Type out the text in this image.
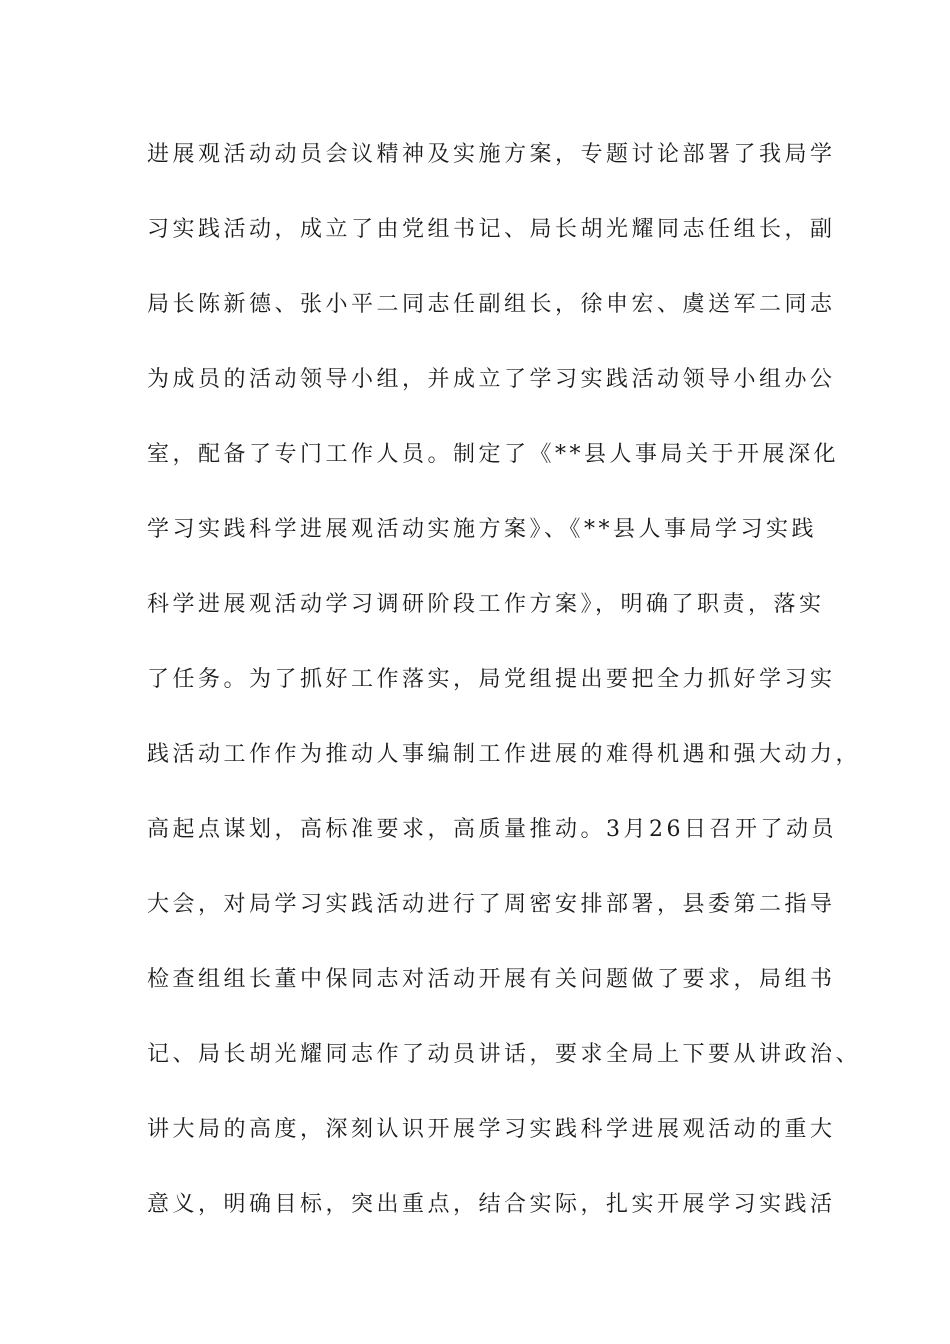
进展观活动动员会议精神及实施方案，专题讨论部署了我局学
习实践活动，成立了由党组书记、局长胡光耀同志任组长，副
局长陈新德、张小平二同志任副组长，徐申宏、虞送军二同志
为成员的活动领导小组，并成立了学习实践活动领导小组办公
室，配备了专门工作人员。制定了《**县人事局关于开展深化
学习实践科学进展观活动实施方案》、《**县人事局学习实践
科学进展观活动学习调研阶段工作方案》，明确了职责，落实
了任务。为了抓好工作落实，局党组提出要把全力抓好学习实
践活动工作作为推动人事编制工作进展的难得机遇和强大动力，
高起点谋划，高标准要求，高质量推动。3月26日召开了动员
大会，对局学习实践活动进行了周密安排部署，县委第二指导
检查组组长董中保同志对活动开展有关问题做了要求，局组书
记、局长胡光耀同志作了动员讲话，要求全局上下要从讲政治、
讲大局的高度，深刻认识开展学习实践科学进展观活动的重大
意义，明确目标，突出重点，结合实际，扎实开展学习实践活
